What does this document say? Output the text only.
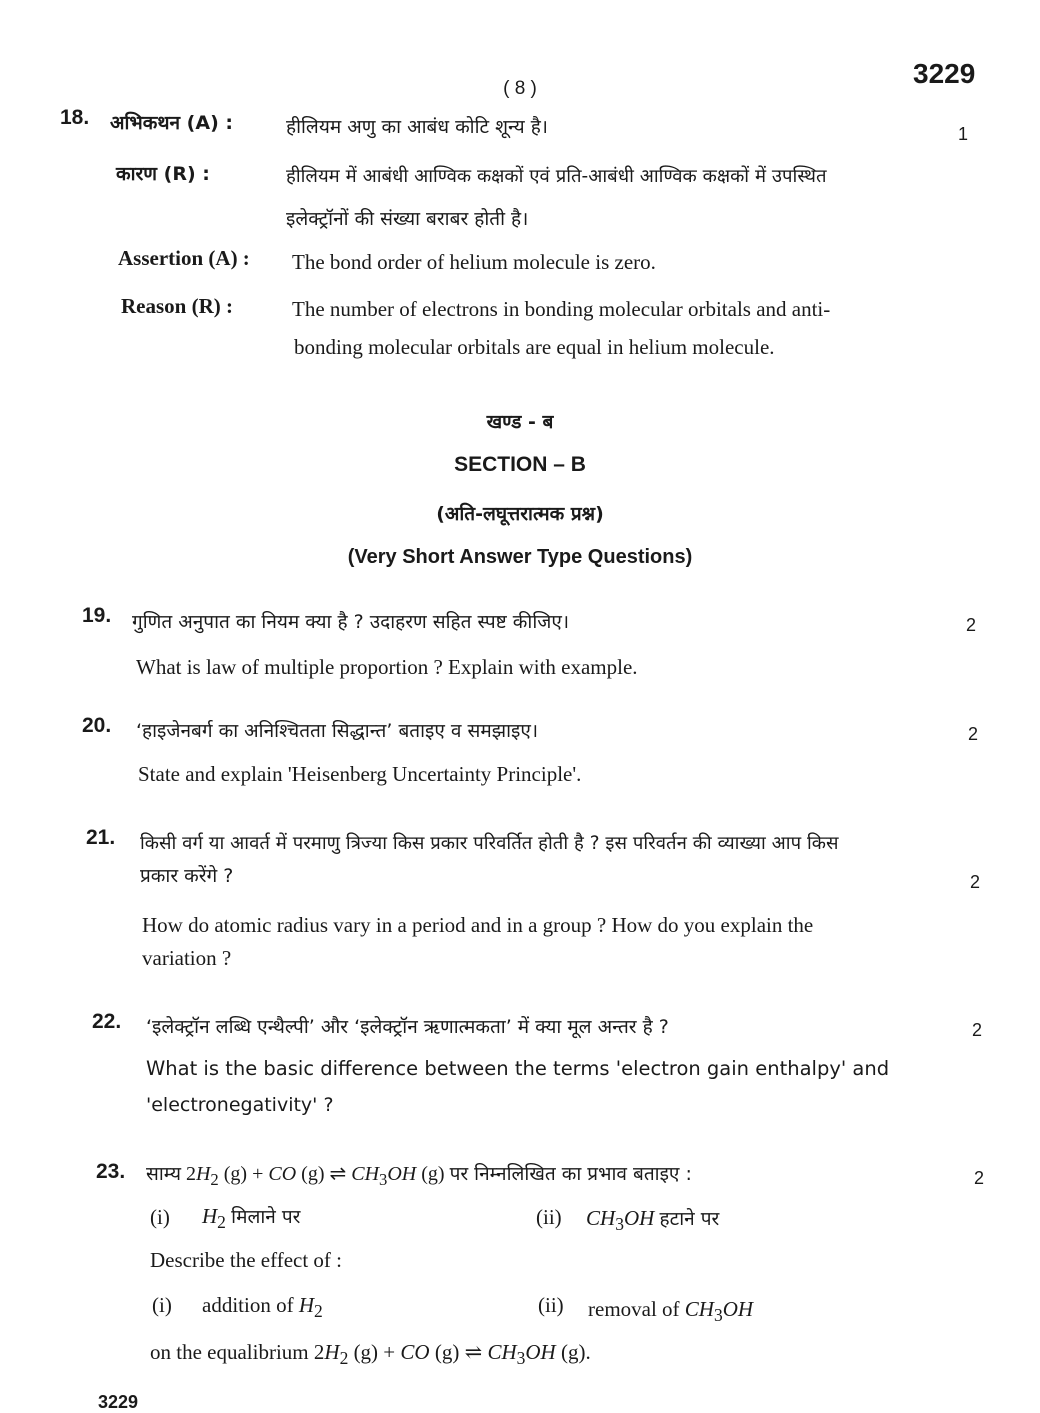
( 8 )	3229
18. अभिकथन (A) :	हीलियम अणु का आबंध कोटि शून्य है।	1
कारण (R) :	हीलियम में आबंधी आण्विक कक्षकों एवं प्रति-आबंधी आण्विक कक्षकों में उपस्थित
इलेक्ट्रॉनों की संख्या बराबर होती है।
Assertion (A) : The bond order of helium molecule is zero.
Reason (R) :	The number of electrons in bonding molecular orbitals and anti-
bonding molecular orbitals are equal in helium molecule.
खण्ड - ब
SECTION – B
(अति-लघूत्तरात्मक प्रश्न)
(Very Short Answer Type Questions)
19. गुणित अनुपात का नियम क्या है ? उदाहरण सहित स्पष्ट कीजिए।	2
What is law of multiple proportion ? Explain with example.
20. ‘हाइजेनबर्ग का अनिश्चितता सिद्धान्त’ बताइए व समझाइए।	2
State and explain 'Heisenberg Uncertainty Principle'.
21. किसी वर्ग या आवर्त में परमाणु त्रिज्या किस प्रकार परिवर्तित होती है ? इस परिवर्तन की व्याख्या आप किस
प्रकार करेंगे ?	2
How do atomic radius vary in a period and in a group ? How do you explain the
variation ?
22. ‘इलेक्ट्रॉन लब्धि एन्थैल्पी’ और ‘इलेक्ट्रॉन ऋणात्मकता’ में क्या मूल अन्तर है ?	2
What is the basic difference between the terms 'electron gain enthalpy' and
'electronegativity' ?
23. साम्य $2H_2$ (g) + CO (g) ⇌ $CH_3OH$ (g) पर निम्नलिखित का प्रभाव बताइए :	2
(i) $H_2$ मिलाने पर	(ii) $CH_3OH$ हटाने पर
Describe the effect of :
(i) addition of $H_2$	(ii) removal of $CH_3OH$
on the equalibrium $2H_2$ (g) + CO (g) ⇌ $CH_3OH$ (g).
3229
